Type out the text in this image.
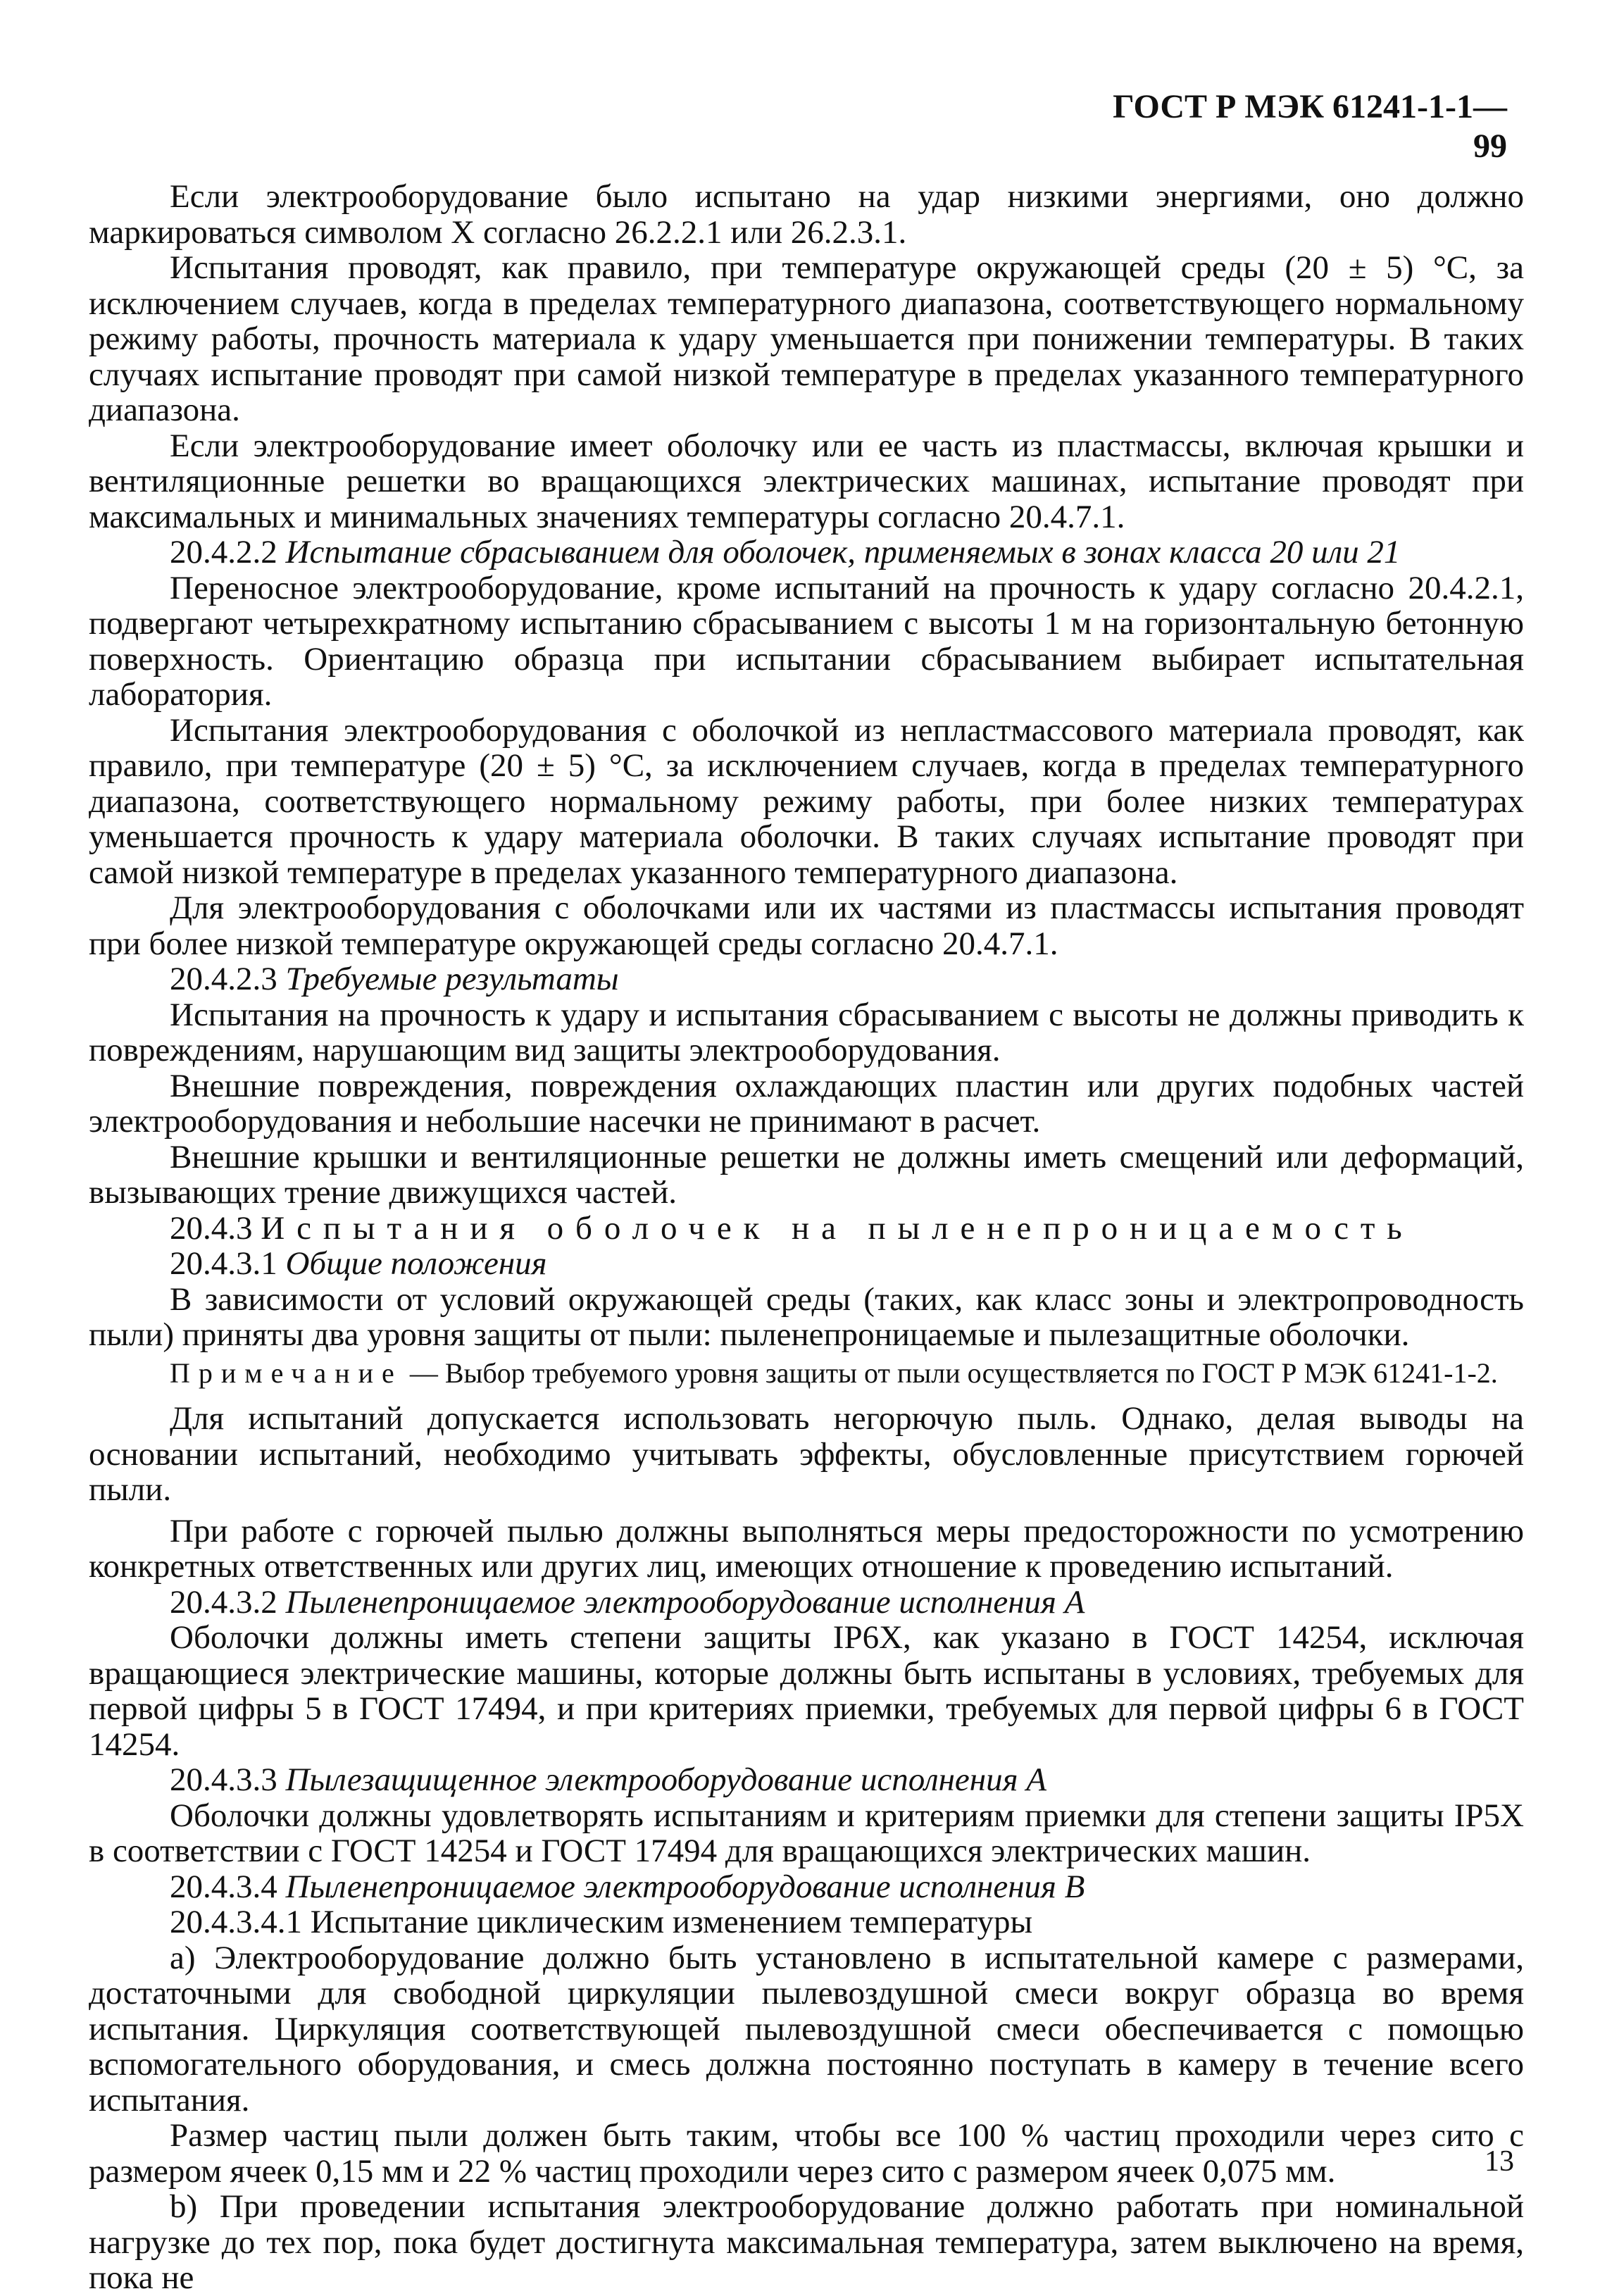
ГОСТ Р МЭК 61241-1-1—99

Если электрооборудование было испытано на удар низкими энергиями, оно должно маркироваться символом X согласно 26.2.2.1 или 26.2.3.1.

Испытания проводят, как правило, при температуре окружающей среды (20 ± 5) °С, за исключением случаев, когда в пределах температурного диапазона, соответствующего нормальному режиму работы, прочность материала к удару уменьшается при понижении температуры. В таких случаях испытание проводят при самой низкой температуре в пределах указанного температурного диапазона.

Если электрооборудование имеет оболочку или ее часть из пластмассы, включая крышки и вентиляционные решетки во вращающихся электрических машинах, испытание проводят при максимальных и минимальных значениях температуры согласно 20.4.7.1.

20.4.2.2 Испытание сбрасыванием для оболочек, применяемых в зонах класса 20 или 21

Переносное электрооборудование, кроме испытаний на прочность к удару согласно 20.4.2.1, подвергают четырехкратному испытанию сбрасыванием с высоты 1 м на горизонтальную бетонную поверхность. Ориентацию образца при испытании сбрасыванием выбирает испытательная лаборатория.

Испытания электрооборудования с оболочкой из непластмассового материала проводят, как правило, при температуре (20 ± 5) °С, за исключением случаев, когда в пределах температурного диапазона, соответствующего нормальному режиму работы, при более низких температурах уменьшается прочность к удару материала оболочки. В таких случаях испытание проводят при самой низкой температуре в пределах указанного температурного диапазона.

Для электрооборудования с оболочками или их частями из пластмассы испытания проводят при более низкой температуре окружающей среды согласно 20.4.7.1.

20.4.2.3 Требуемые результаты

Испытания на прочность к удару и испытания сбрасыванием с высоты не должны приводить к повреждениям, нарушающим вид защиты электрооборудования.

Внешние повреждения, повреждения охлаждающих пластин или других подобных частей электрооборудования и небольшие насечки не принимают в расчет.

Внешние крышки и вентиляционные решетки не должны иметь смещений или деформаций, вызывающих трение движущихся частей.

20.4.3 Испытания оболочек на пыленепроницаемость

20.4.3.1 Общие положения

В зависимости от условий окружающей среды (таких, как класс зоны и электропроводность пыли) приняты два уровня защиты от пыли: пыленепроницаемые и пылезащитные оболочки.

Примечание — Выбор требуемого уровня защиты от пыли осуществляется по ГОСТ Р МЭК 61241-1-2.

Для испытаний допускается использовать негорючую пыль. Однако, делая выводы на основании испытаний, необходимо учитывать эффекты, обусловленные присутствием горючей пыли.

При работе с горючей пылью должны выполняться меры предосторожности по усмотрению конкретных ответственных или других лиц, имеющих отношение к проведению испытаний.

20.4.3.2 Пыленепроницаемое электрооборудование исполнения А

Оболочки должны иметь степени защиты IP6X, как указано в ГОСТ 14254, исключая вращающиеся электрические машины, которые должны быть испытаны в условиях, требуемых для первой цифры 5 в ГОСТ 17494, и при критериях приемки, требуемых для первой цифры 6 в ГОСТ 14254.

20.4.3.3 Пылезащищенное электрооборудование исполнения А

Оболочки должны удовлетворять испытаниям и критериям приемки для степени защиты IP5X в соответствии с ГОСТ 14254 и ГОСТ 17494 для вращающихся электрических машин.

20.4.3.4 Пыленепроницаемое электрооборудование исполнения В

20.4.3.4.1 Испытание циклическим изменением температуры

a) Электрооборудование должно быть установлено в испытательной камере с размерами, достаточными для свободной циркуляции пылевоздушной смеси вокруг образца во время испытания. Циркуляция соответствующей пылевоздушной смеси обеспечивается с помощью вспомогательного оборудования, и смесь должна постоянно поступать в камеру в течение всего испытания.

Размер частиц пыли должен быть таким, чтобы все 100 % частиц проходили через сито с размером ячеек 0,15 мм и 22 % частиц проходили через сито с размером ячеек 0,075 мм.

b) При проведении испытания электрооборудование должно работать при номинальной нагрузке до тех пор, пока будет достигнута максимальная температура, затем выключено на время, пока не

13
